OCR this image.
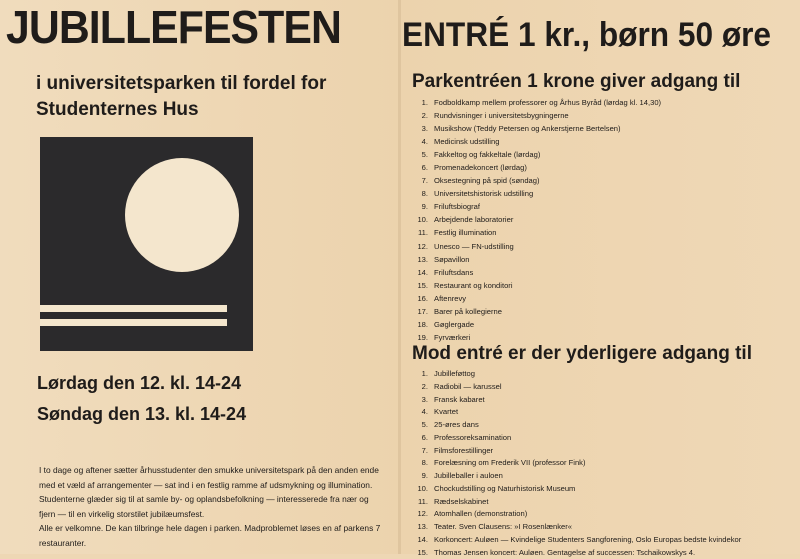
JUBILLEFESTEN ENTRÉ 1 kr., børn 50 øre
i universitetsparken til fordel for
Studenternes Hus
Lørdag den 12. kl. 14-24
Søndag den 13. kl. 14-24

I to dage og aftener sætter århusstudenter den smukke universitetspark på den anden ende med et væld af arrangementer — sat ind i en festlig ramme af udsmykning og illumination.

Studenterne glæder sig til at samle by- og oplandsbefolkning — interesserede fra nær og fjern — til en virkelig storstilet jubilæumsfest.

Alle er velkomne. De kan tilbringe hele dagen i parken. Madproblemet løses en af parkens 7 restauranter.

Parkentréen 1 krone giver adgang til
1. Fodboldkamp mellem professorer og Århus Byråd (lørdag kl. 14,30)
2. Rundvisninger i universitetsbygningerne
3. Musikshow (Teddy Petersen og Ankerstjerne Bertelsen)
4. Medicinsk udstilling
5. Fakkeltog og fakkeltale (lørdag)
6. Promenadekoncert (lørdag)
7. Oksestegning på spid (søndag)
8. Universitetshistorisk udstilling
9. Friluftsbiograf
10. Arbejdende laboratorier
11. Festlig illumination
12. Unesco — FN-udstilling
13. Søpavillon
14. Friluftsdans
15. Restaurant og konditori
16. Aftenrevy
17. Barer på kollegierne
18. Gøglergade
19. Fyrværkeri
Mod entré er der yderligere adgang til
1. Jubilleføttog
2. Radiobil — karussel
3. Fransk kabaret
4. Kvartet
5. 25-øres dans
6. Professoreksamination
7. Filmsforestillinger
8. Forelæsning om Frederik VII (professor Fink)
9. Jubilleballer i auloen
10. Chockudstilling og Naturhistorisk Museum
11. Rædselskabinet
12. Atomhallen (demonstration)
13. Teater. Sven Clausens: »I Rosenlænker«
14. Korkoncert: Auløen — Kvindelige Studenters Sangforening, Oslo Europas bedste kvindekor
15. Thomas Jensen koncert: Auløen. Gentagelse af successen: Tschaikowskys 4.
